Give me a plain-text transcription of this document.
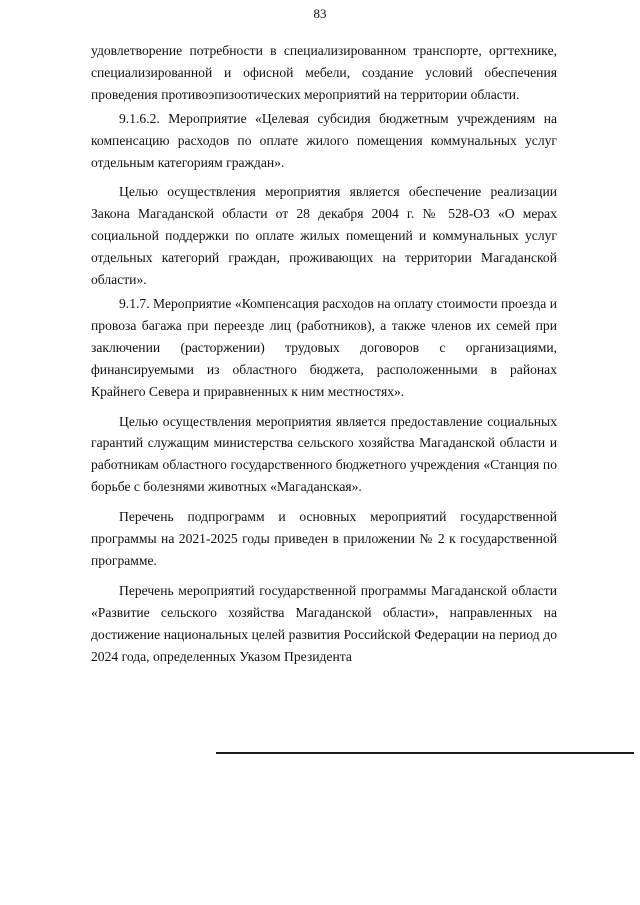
83

удовлетворение потребности в специализированном транспорте, оргтехнике, специализированной и офисной мебели, создание условий обеспечения проведения противоэпизоотических мероприятий на территории области.

9.1.6.2. Мероприятие «Целевая субсидия бюджетным учреждениям на компенсацию расходов по оплате жилого помещения коммунальных услуг отдельным категориям граждан».

Целью осуществления мероприятия является обеспечение реализации Закона Магаданской области от 28 декабря 2004 г. № 528-ОЗ «О мерах социальной поддержки по оплате жилых помещений и коммунальных услуг отдельных категорий граждан, проживающих на территории Магаданской области».

9.1.7. Мероприятие «Компенсация расходов на оплату стоимости проезда и провоза багажа при переезде лиц (работников), а также членов их семей при заключении (расторжении) трудовых договоров с организациями, финансируемыми из областного бюджета, расположенными в районах Крайнего Севера и приравненных к ним местностях».

Целью осуществления мероприятия является предоставление социальных гарантий служащим министерства сельского хозяйства Магаданской области и работникам областного государственного бюджетного учреждения «Станция по борьбе с болезнями животных «Магаданская».

Перечень подпрограмм и основных мероприятий государственной программы на 2021-2025 годы приведен в приложении № 2 к государственной программе.

Перечень мероприятий государственной программы Магаданской области «Развитие сельского хозяйства Магаданской области», направленных на достижение национальных целей развития Российской Федерации на период до 2024 года, определенных Указом Президента
